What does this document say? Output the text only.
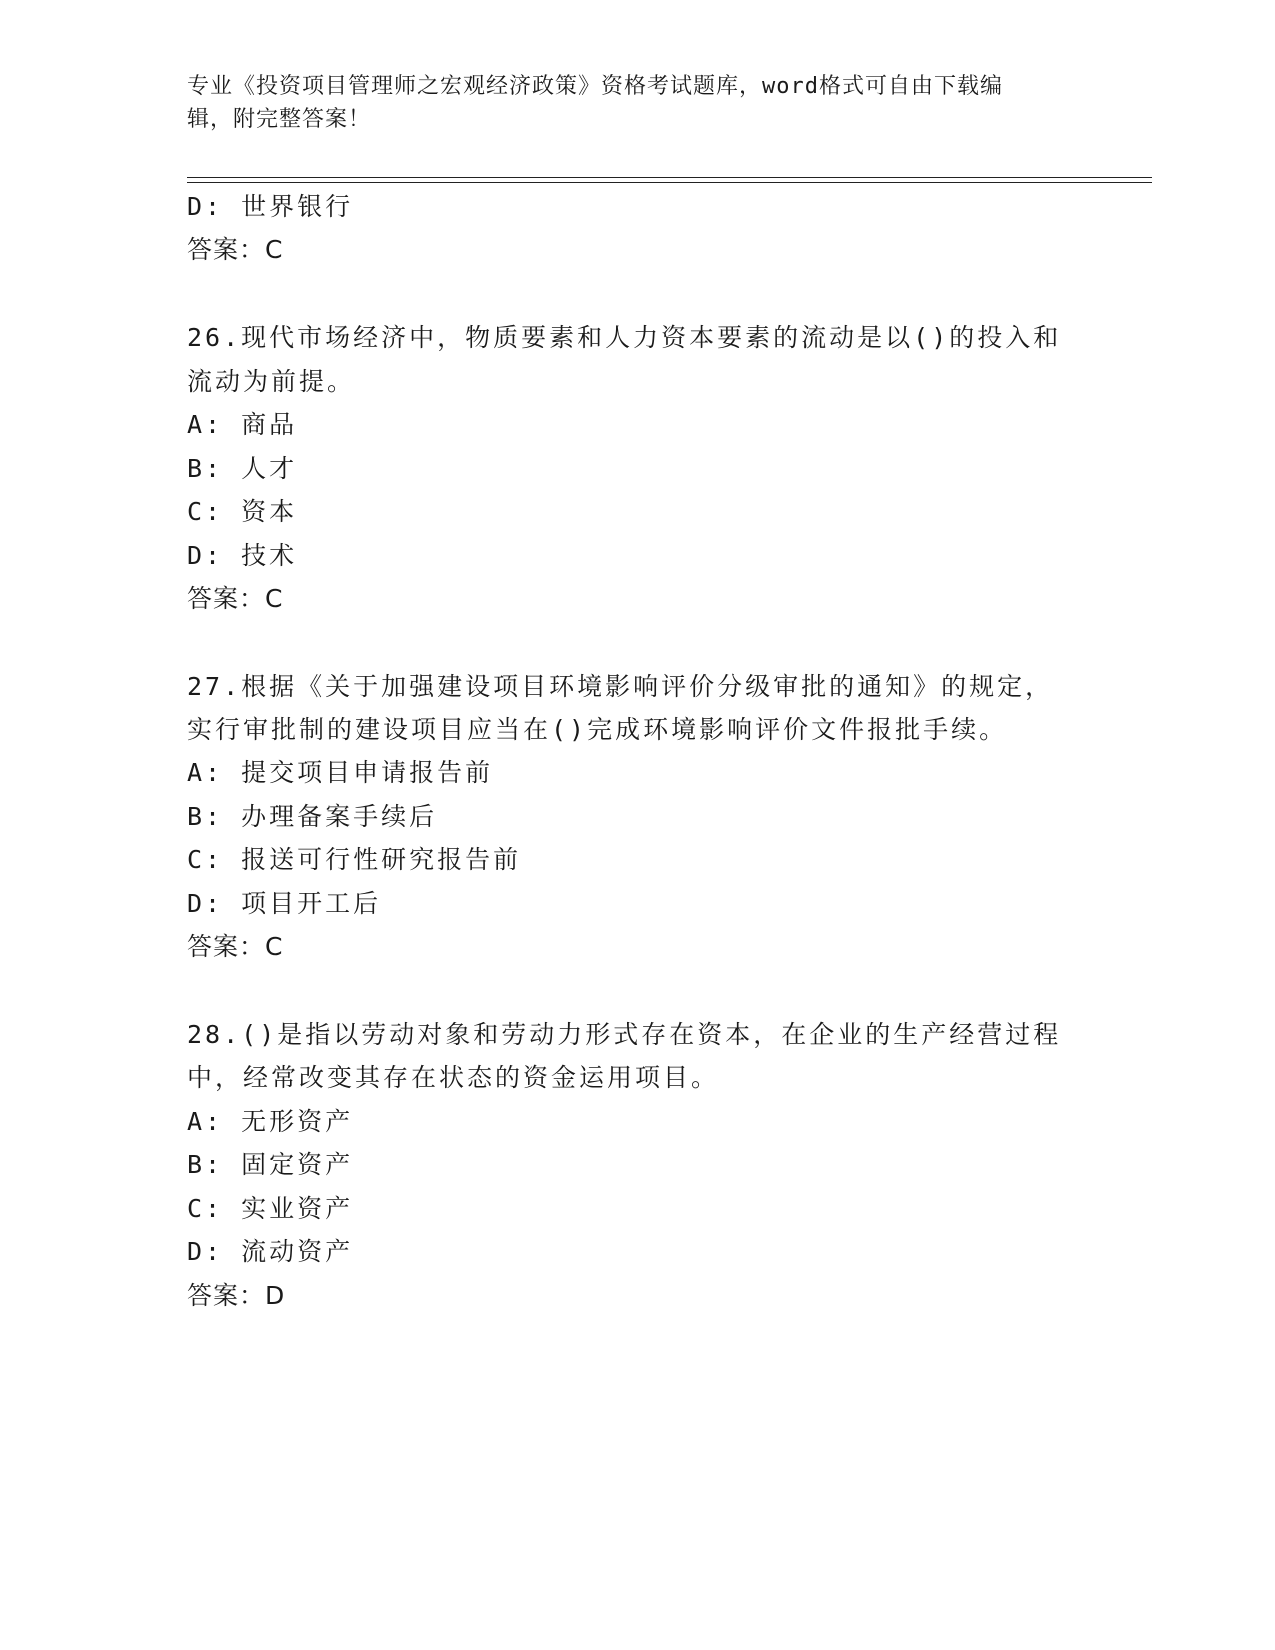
专业《投资项目管理师之宏观经济政策》资格考试题库，word格式可自由下载编
辑，附完整答案！
D: 世界银行
答案：C
26.现代市场经济中，物质要素和人力资本要素的流动是以()的投入和
流动为前提。
A: 商品
B: 人才
C: 资本
D: 技术
答案：C
27.根据《关于加强建设项目环境影响评价分级审批的通知》的规定，
实行审批制的建设项目应当在()完成环境影响评价文件报批手续。
A: 提交项目申请报告前
B: 办理备案手续后
C: 报送可行性研究报告前
D: 项目开工后
答案：C
28.()是指以劳动对象和劳动力形式存在资本，在企业的生产经营过程
中，经常改变其存在状态的资金运用项目。
A: 无形资产
B: 固定资产
C: 实业资产
D: 流动资产
答案：D
